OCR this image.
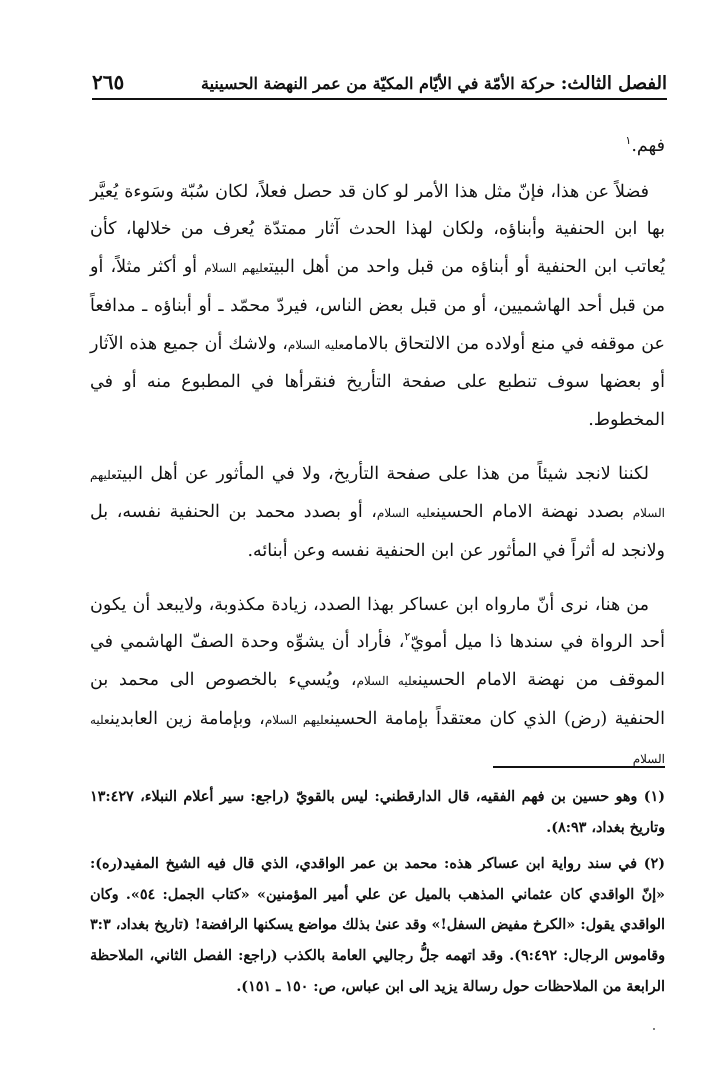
الفصل الثالث: حركة الأمّة في الأيّام المكيّة من عمر النهضة الحسينية
٢٦٥

فهم.$^١$

فضلاً عن هذا، فإنّ مثل هذا الأمر لو كان قد حصل فعلاً، لكان سُبّة وسَوءة يُعيَّر بها ابن الحنفية وأبناؤه، ولكان لهذا الحدث آثار ممتدّة يُعرف من خلالها، كأن يُعاتب ابن الحنفية أو أبناؤه من قبل واحد من أهل البيتعليهم السلام أو أكثر مثلاً، أو من قبل أحد الهاشميين، أو من قبل بعض الناس، فيردّ محمّد ـ أو أبناؤه ـ مدافعاً عن موقفه في منع أولاده من الالتحاق بالامامعليه السلام، ولاشك أن جميع هذه الآثار أو بعضها سوف تنطبع على صفحة التأريخ فنقرأها في المطبوع منه أو في المخطوط.

لكننا لانجد شيئاً من هذا على صفحة التأريخ، ولا في المأثور عن أهل البيتعليهم السلام بصدد نهضة الامام الحسينعليه السلام، أو بصدد محمد بن الحنفية نفسه، بل ولانجد له أثراً في المأثور عن ابن الحنفية نفسه وعن أبنائه.

من هنا، نرى أنّ مارواه ابن عساكر بهذا الصدد، زيادة مكذوبة، ولايبعد أن يكون أحد الرواة في سندها ذا ميل أمويّ$^٢$، فأراد أن يشوِّه وحدة الصفّ الهاشمي في الموقف من نهضة الامام الحسينعليه السلام، ويُسيء بالخصوص الى محمد بن الحنفية (رض) الذي كان معتقداً بإمامة الحسينعليهم السلام، وبإمامة زين العابدينعليه السلام

(١) وهو حسين بن فهم الفقيه، قال الدارقطني: ليس بالقويّ (راجع: سير أعلام النبلاء، ١٣:٤٢٧ وتاريخ بغداد، ٨:٩٣).

(٢) في سند رواية ابن عساكر هذه: محمد بن عمر الواقدي، الذي قال فيه الشيخ المفيد(ره): «إنّ الواقدي كان عثماني المذهب بالميل عن علي أمير المؤمنين» «كتاب الجمل: ٥٤». وكان الواقدي يقول: «الكرخ مفيض السفل!» وقد عنىٰ بذلك مواضع يسكنها الرافضة! (تاريخ بغداد، ٣:٣ وقاموس الرجال: ٩:٤٩٢). وقد اتهمه جلُّ رجاليي العامة بالكذب (راجع: الفصل الثاني، الملاحظة الرابعة من الملاحظات حول رسالة يزيد الى ابن عباس، ص: ١٥٠ ـ ١٥١).
